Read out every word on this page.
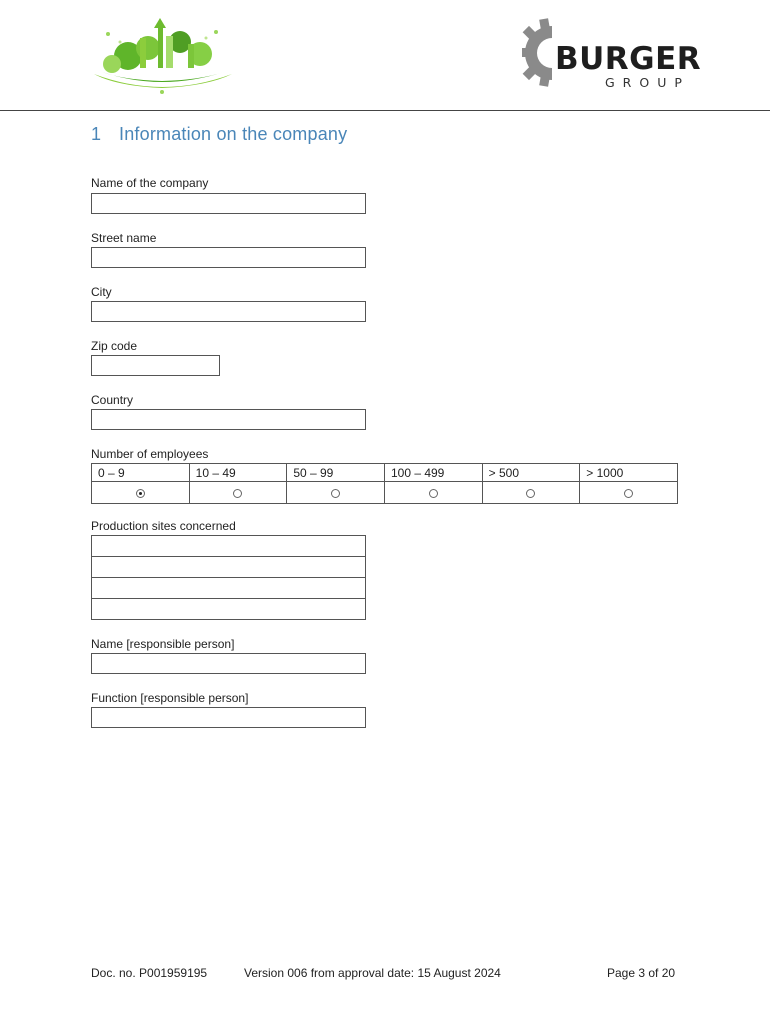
BURGER
GROUP
1 Information on the company
Name of the company
Street name
City
Zip code
Country
Number of employees
0 – 9	10 – 49	50 – 99	100 – 499	> 500	> 1000

Production sites concerned

Name [responsible person]
Function [responsible person]
Doc. no. P001959195	Version 006 from approval date: 15 August 2024	Page 3 of 20
